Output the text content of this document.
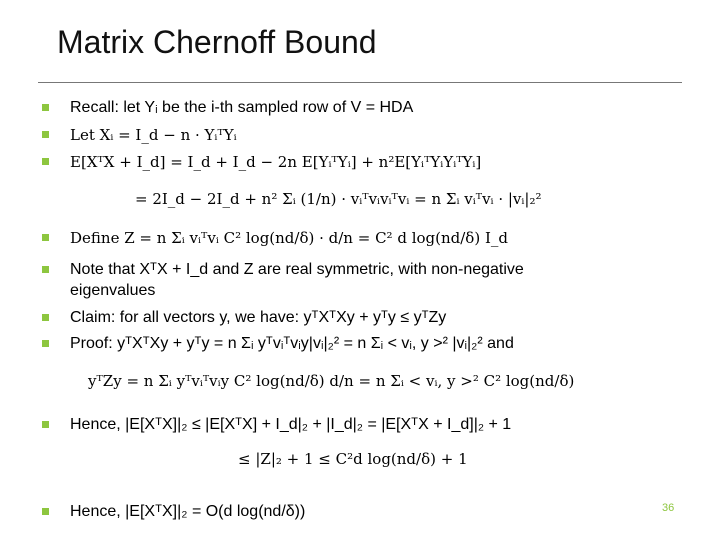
Matrix Chernoff Bound
Recall: let Yᵢ be the i-th sampled row of V = HDA
Let Xᵢ = I_d − n · YᵢᵀYᵢ
E[XᵀX + I_d] = I_d + I_d − 2n E[YᵢᵀYᵢ] + n²E[YᵢᵀYᵢYᵢᵀYᵢ]
= 2I_d − 2I_d + n² Σᵢ (1/n) · vᵢᵀvᵢvᵢᵀvᵢ = n Σᵢ vᵢᵀvᵢ · |vᵢ|₂²
Define Z = n Σᵢ vᵢᵀvᵢ C² log(nd/δ) · d/n = C² d log(nd/δ) I_d
Note that XᵀX + I_d and Z are real symmetric, with non-negative
eigenvalues
Claim: for all vectors y, we have: yᵀXᵀXy + yᵀy ≤ yᵀZy
Proof: yᵀXᵀXy + yᵀy = n Σᵢ yᵀvᵢᵀvᵢy|vᵢ|₂² = n Σᵢ < vᵢ, y >² |vᵢ|₂² and
yᵀZy = n Σᵢ yᵀvᵢᵀvᵢy C² log(nd/δ) d/n = n Σᵢ < vᵢ, y >² C² log(nd/δ)
Hence, |E[XᵀX]|₂ ≤ |E[XᵀX] + I_d|₂ + |I_d|₂ = |E[XᵀX + I_d]|₂ + 1
≤ |Z|₂ + 1 ≤ C²d log(nd/δ) + 1
Hence, |E[XᵀX]|₂ = O(d log(nd/δ))	36
